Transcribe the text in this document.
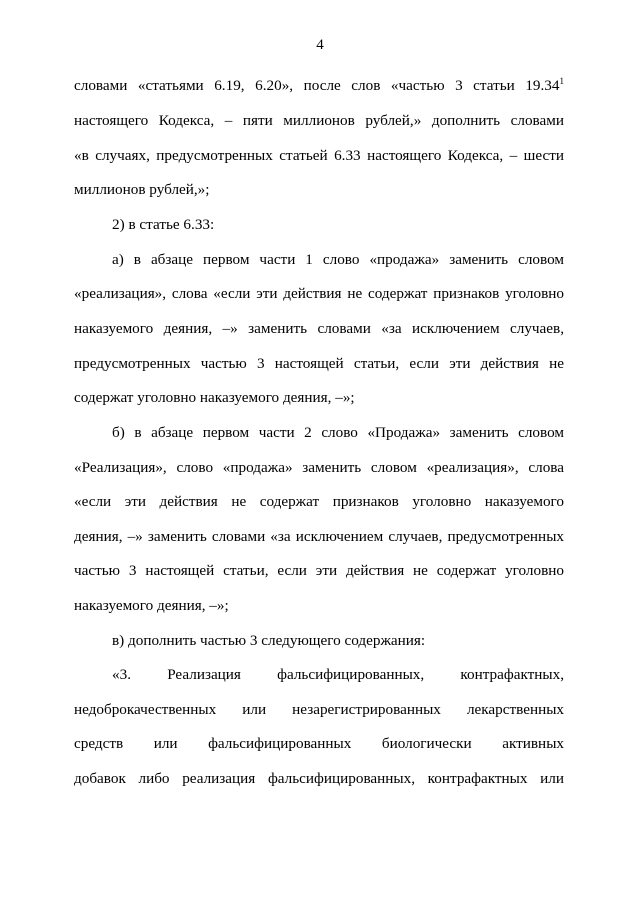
4
словами «статьями 6.19, 6.20», после слов «частью 3 статьи 19.34$^1$
настоящего Кодекса, – пяти миллионов рублей,» дополнить словами
«в случаях, предусмотренных статьей 6.33 настоящего Кодекса, – шести
миллионов рублей,»;
2) в статье 6.33:
а) в абзаце первом части 1 слово «продажа» заменить словом
«реализация», слова «если эти действия не содержат признаков уголовно
наказуемого деяния, –» заменить словами «за исключением случаев,
предусмотренных частью 3 настоящей статьи, если эти действия не
содержат уголовно наказуемого деяния, –»;
б) в абзаце первом части 2 слово «Продажа» заменить словом
«Реализация», слово «продажа» заменить словом «реализация», слова
«если эти действия не содержат признаков уголовно наказуемого
деяния, –» заменить словами «за исключением случаев, предусмотренных
частью 3 настоящей статьи, если эти действия не содержат уголовно
наказуемого деяния, –»;
в) дополнить частью 3 следующего содержания:
«3. Реализация фальсифицированных, контрафактных,
недоброкачественных или незарегистрированных лекарственных
средств или фальсифицированных биологически активных
добавок либо реализация фальсифицированных, контрафактных или
